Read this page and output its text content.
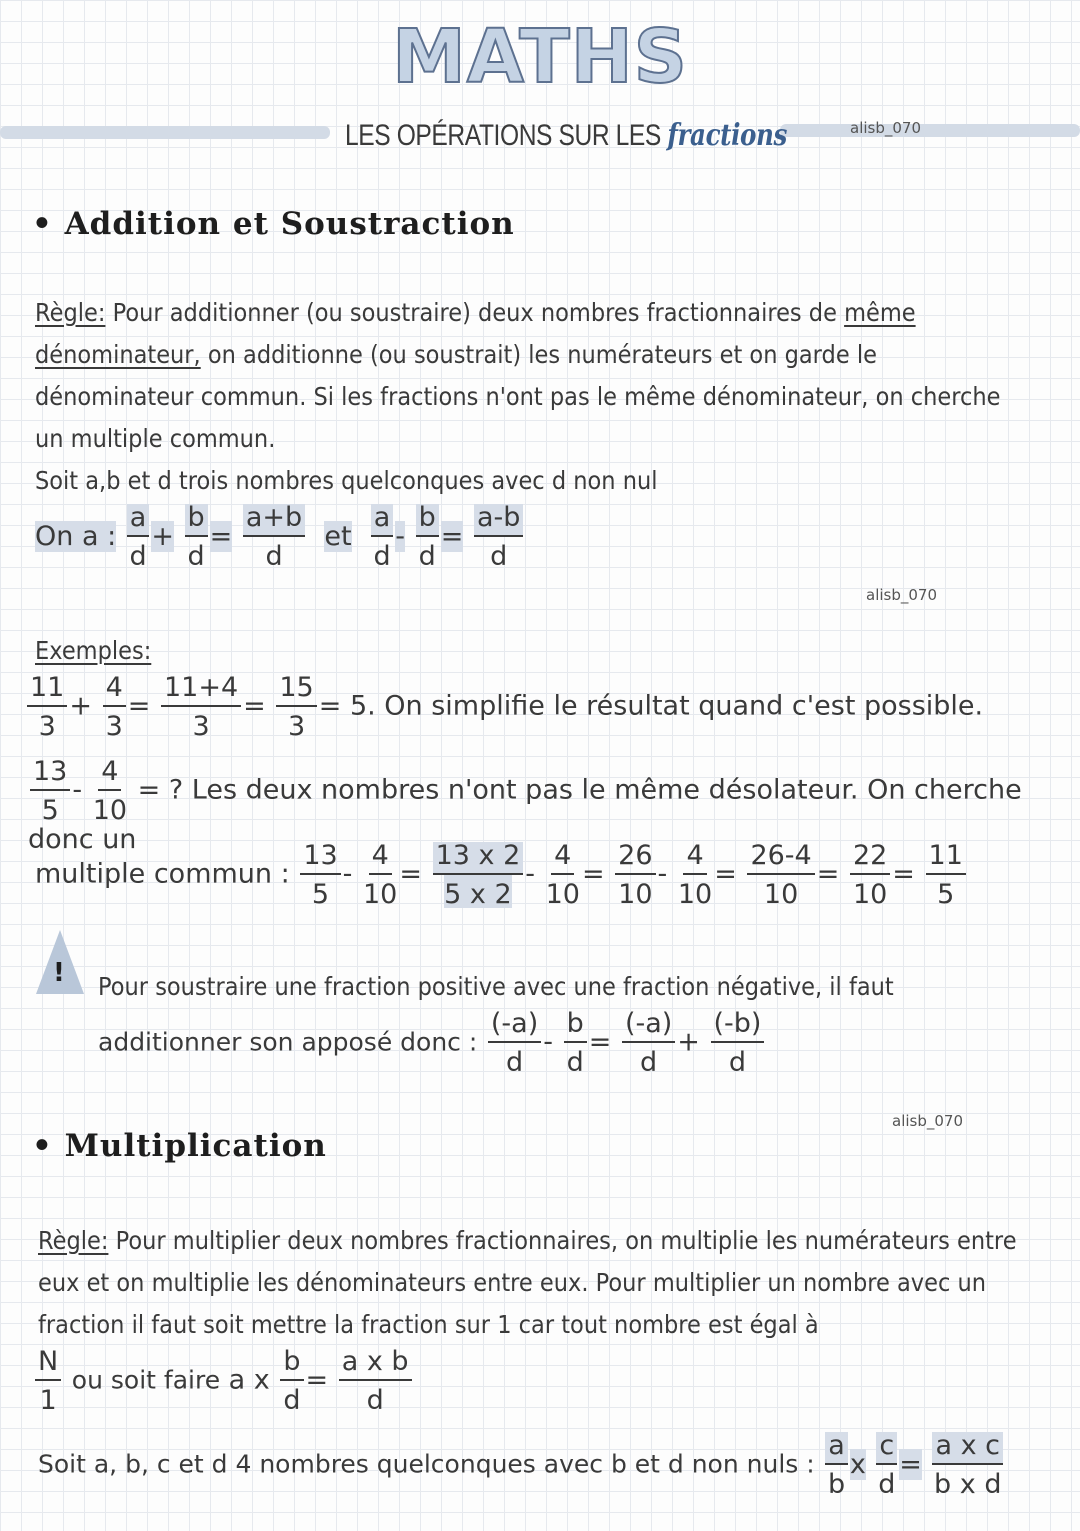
MATHS
LES OPÉRATIONS SUR LES fractions	alisb_070
• Addition et Soustraction
Règle: Pour additionner (ou soustraire) deux nombres fractionnaires de même
dénominateur, on additionne (ou soustrait) les numérateurs et on garde le dénominateur commun. Si les fractions n'ont pas le même dénominateur, on cherche un multiple commun.
Soit a,b et d trois nombres quelconques avec d non nul
On a : $\frac{a}{d} + \frac{b}{d} = \frac{a+b}{d}$ et $\frac{a}{d} - \frac{b}{d} = \frac{a-b}{d}$
alisb_070
Exemples:
$\frac{11}{3} + \frac{4}{3} = \frac{11+4}{3} = \frac{15}{3} = 5$. On simplifie le résultat quand c'est possible.
$\frac{13}{5} - \frac{4}{10}$ = ? Les deux nombres n'ont pas le même désolateur. On cherche donc un
multiple commun : $\frac{13}{5} - \frac{4}{10} = \frac{13 x 2}{5 x 2} - \frac{4}{10} = \frac{26}{10} - \frac{4}{10} = \frac{26-4}{10} = \frac{22}{10} = \frac{11}{5}$
! Pour soustraire une fraction positive avec une fraction négative, il faut
additionner son apposé donc : $\frac{(-a)}{d} - \frac{b}{d} = \frac{(-a)}{d} + \frac{(-b)}{d}$
alisb_070
• Multiplication
Règle: Pour multiplier deux nombres fractionnaires, on multiplie les numérateurs entre eux et on multiplie les dénominateurs entre eux. Pour multiplier un nombre avec un fraction il faut soit mettre la fraction sur 1 car tout nombre est égal à
$\frac{N}{1}$ ou soit faire a x $\frac{b}{d} = \frac{\text{a x b}}{d}$
Soit a, b, c et d 4 nombres quelconques avec b et d non nuls : $\frac{a}{b}$ x $\frac{c}{d} = \frac{\text{a x c}}{\text{b x d}}$
